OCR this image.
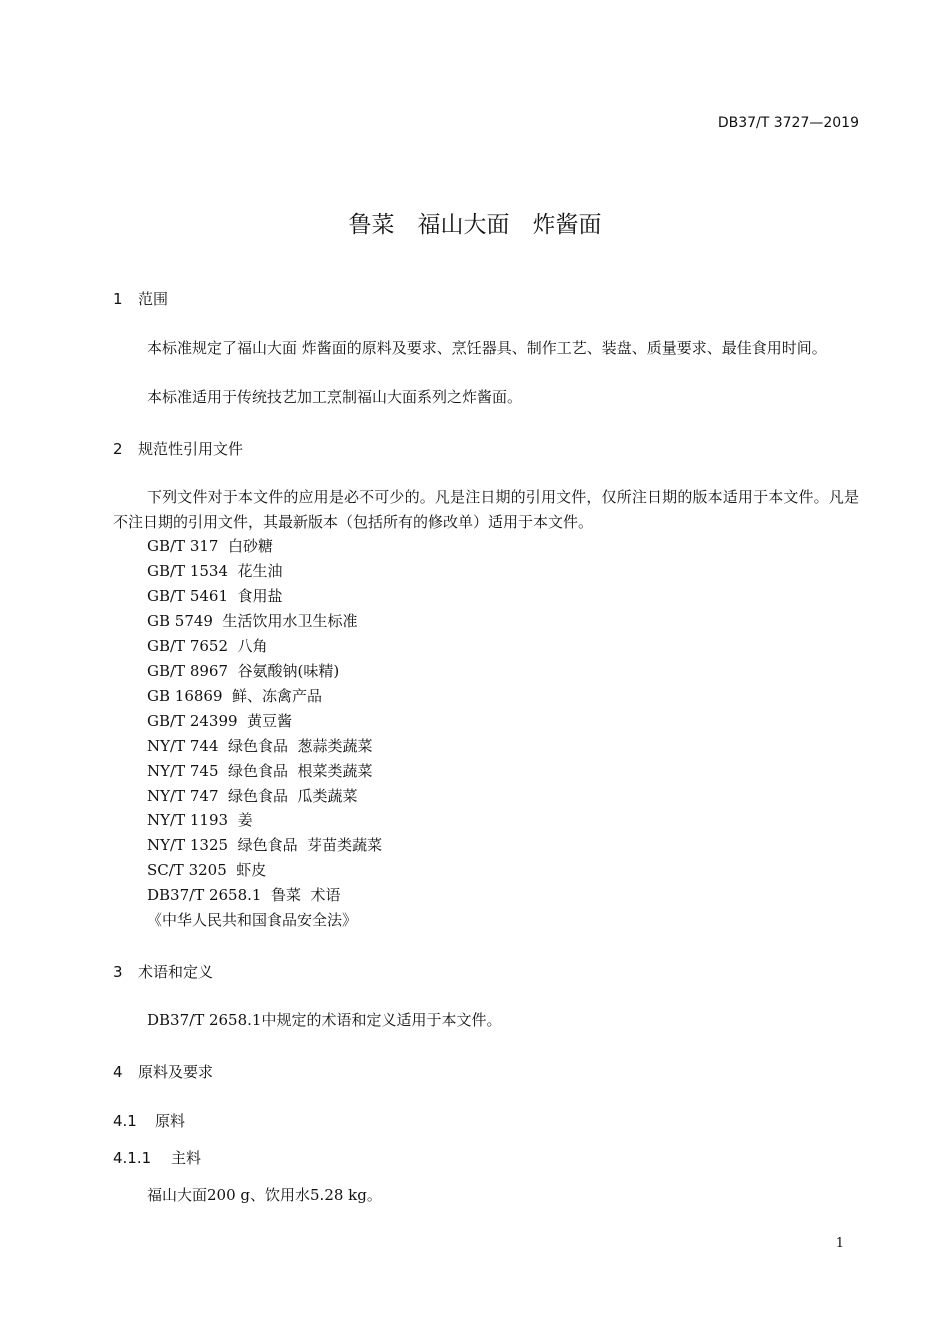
DB37/T 3727—2019
鲁菜　福山大面　炸酱面
1 范围
本标准规定了福山大面 炸酱面的原料及要求、烹饪器具、制作工艺、装盘、质量要求、最佳食用时间。
本标准适用于传统技艺加工烹制福山大面系列之炸酱面。
2 规范性引用文件
下列文件对于本文件的应用是必不可少的。凡是注日期的引用文件，仅所注日期的版本适用于本文件。凡是不注日期的引用文件，其最新版本（包括所有的修改单）适用于本文件。
GB/T 317  白砂糖
GB/T 1534  花生油
GB/T 5461  食用盐
GB 5749  生活饮用水卫生标准
GB/T 7652  八角
GB/T 8967  谷氨酸钠(味精)
GB 16869  鲜、冻禽产品
GB/T 24399  黄豆酱
NY/T 744  绿色食品  葱蒜类蔬菜
NY/T 745  绿色食品  根菜类蔬菜
NY/T 747  绿色食品  瓜类蔬菜
NY/T 1193  姜
NY/T 1325  绿色食品  芽苗类蔬菜
SC/T 3205  虾皮
DB37/T 2658.1  鲁菜  术语
《中华人民共和国食品安全法》
3 术语和定义
DB37/T 2658.1中规定的术语和定义适用于本文件。
4 原料及要求
4.1 原料
4.1.1 主料
福山大面200 g、饮用水5.28 kg。
1
